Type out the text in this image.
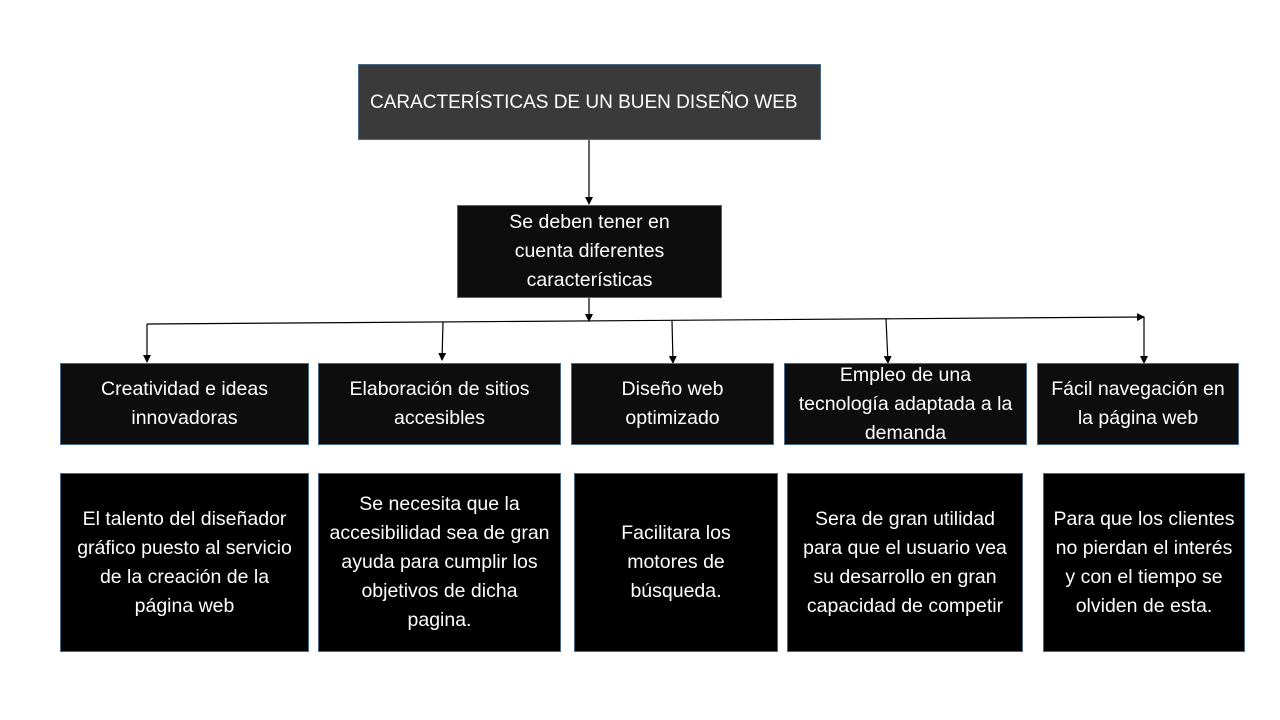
CARACTERÍSTICAS DE UN BUEN DISEÑO WEB
Se deben tener en cuenta diferentes características
Creatividad e ideas innovadoras
Elaboración de sitios accesibles
Diseño web optimizado
Empleo de una tecnología adaptada a la demanda
Fácil navegación en la página web
El talento del diseñador gráfico puesto al servicio de la creación de la página web
Se necesita que la accesibilidad sea de gran ayuda para cumplir los objetivos de dicha pagina.
Facilitara los motores de búsqueda.
Sera de gran utilidad para que el usuario vea su desarrollo en gran capacidad de competir
Para que los clientes no pierdan el interés y con el tiempo se olviden de esta.
